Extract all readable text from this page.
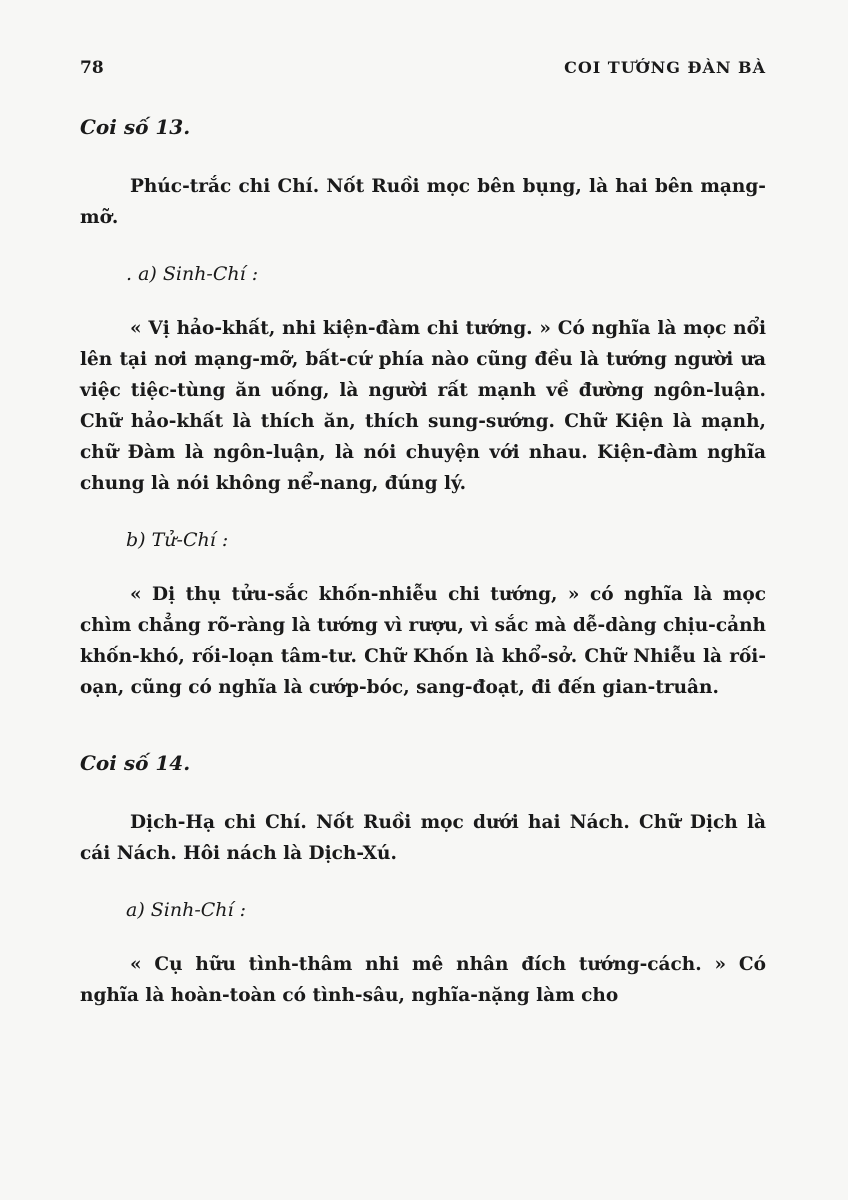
78	COI TƯỚNG ĐÀN BÀ
Coi số 13.

Phúc-trắc chi Chí. Nốt Ruồi mọc bên bụng, là hai bên mạng-mỡ.

. a) Sinh-Chí :

« Vị hảo-khất, nhi kiện-đàm chi tướng. » Có nghĩa là mọc nổi lên tại nơi mạng-mỡ, bất-cứ phía nào cũng đều là tướng người ưa việc tiệc-tùng ăn uống, là người rất mạnh về đường ngôn-luận. Chữ hảo-khất là thích ăn, thích sung-sướng. Chữ Kiện là mạnh, chữ Đàm là ngôn-luận, là nói chuyện với nhau. Kiện-đàm nghĩa chung là nói không nể-nang, đúng lý.

b) Tử-Chí :

« Dị thụ tửu-sắc khốn-nhiễu chi tướng, » có nghĩa là mọc chìm chẳng rõ-ràng là tướng vì rượu, vì sắc mà dễ-dàng chịu-cảnh khốn-khó, rối-loạn tâm-tư. Chữ Khốn là khổ-sở. Chữ Nhiễu là rối-oạn, cũng có nghĩa là cướp-bóc, sang-đoạt, đi đến gian-truân.

Coi số 14.

Dịch-Hạ chi Chí. Nốt Ruồi mọc dưới hai Nách. Chữ Dịch là cái Nách. Hôi nách là Dịch-Xú.

a) Sinh-Chí :

« Cụ hữu tình-thâm nhi mê nhân đích tướng-cách. » Có nghĩa là hoàn-toàn có tình-sâu, nghĩa-nặng làm cho
